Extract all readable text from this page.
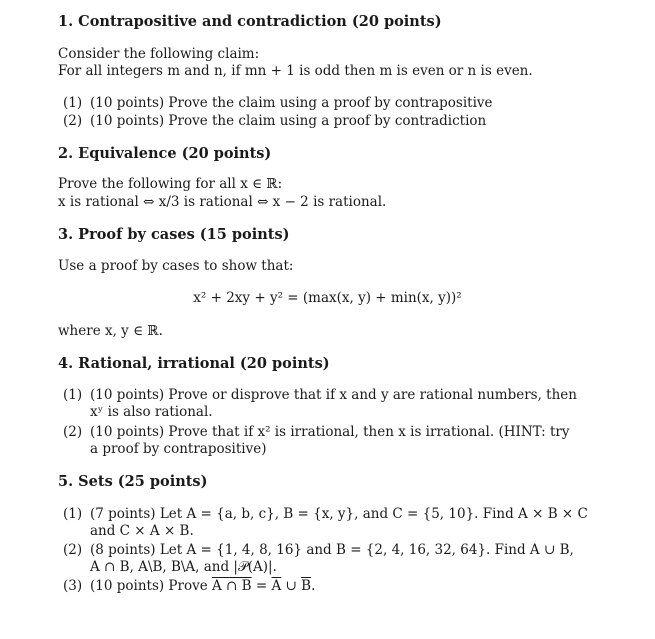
1. Contrapositive and contradiction (20 points)
Consider the following claim:
For all integers m and n, if mn + 1 is odd then m is even or n is even.
(1) (10 points) Prove the claim using a proof by contrapositive
(2) (10 points) Prove the claim using a proof by contradiction
2. Equivalence (20 points)
Prove the following for all x ∈ ℝ:
x is rational ⇔ x/3 is rational ⇔ x − 2 is rational.
3. Proof by cases (15 points)
Use a proof by cases to show that:
x² + 2xy + y² = (max(x, y) + min(x, y))²
where x, y ∈ ℝ.
4. Rational, irrational (20 points)
(1) (10 points) Prove or disprove that if x and y are rational numbers, then
xʸ is also rational.
(2) (10 points) Prove that if x² is irrational, then x is irrational. (HINT: try
a proof by contrapositive)
5. Sets (25 points)
(1) (7 points) Let A = {a, b, c}, B = {x, y}, and C = {5, 10}. Find A × B × C
and C × A × B.
(2) (8 points) Let A = {1, 4, 8, 16} and B = {2, 4, 16, 32, 64}. Find A ∪ B,
A ∩ B, A\B, B\A, and |𝒫(A)|.
(3) (10 points) Prove A ∩ $B = \overline{A}$ ∪ $\overline{B}$.
